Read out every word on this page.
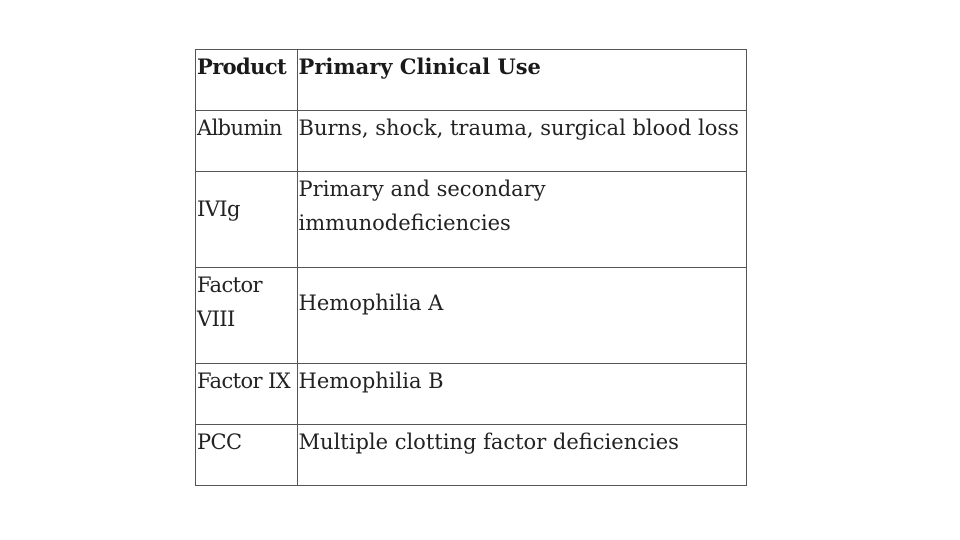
Product	Primary Clinical Use
Albumin	Burns, shock, trauma, surgical blood loss
IVIg	Primary and secondary immunodeficiencies
Factor VIII	Hemophilia A
Factor IX	Hemophilia B
PCC	Multiple clotting factor deficiencies
